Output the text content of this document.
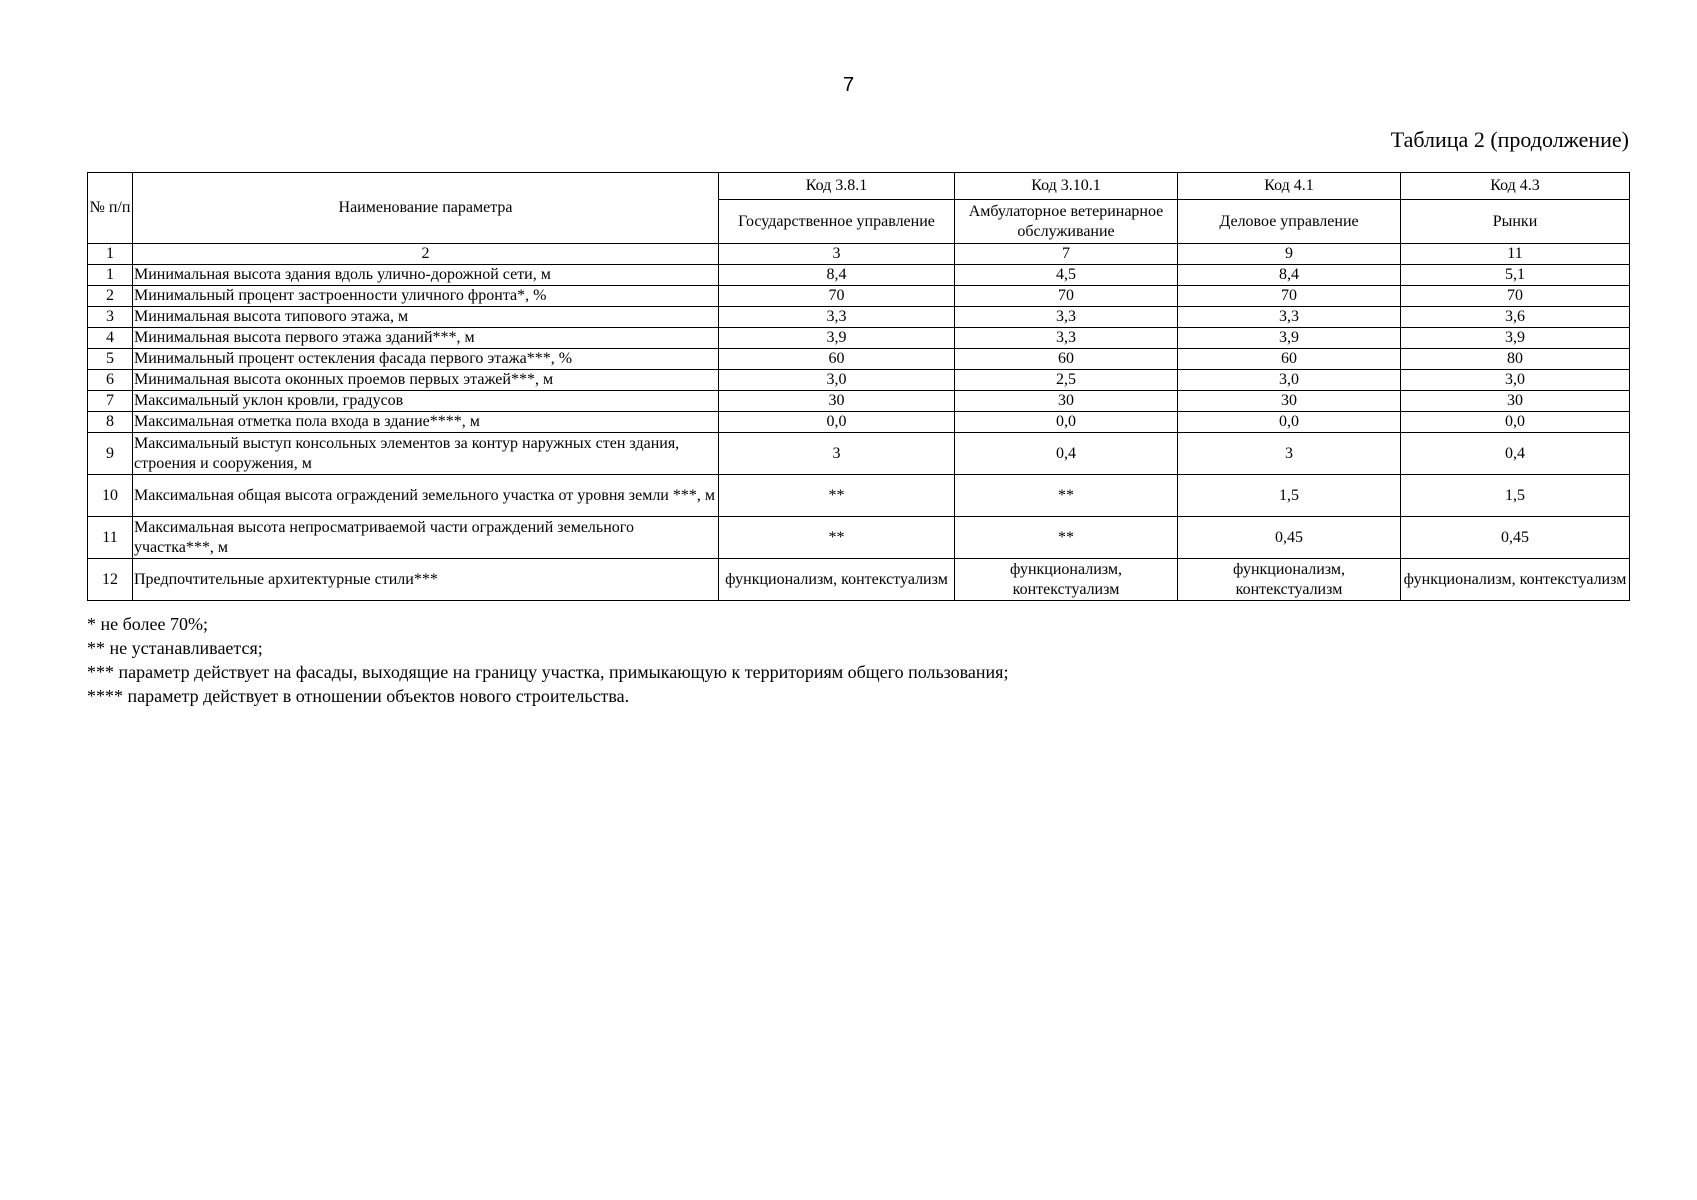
7
Таблица 2 (продолжение)
№ п/п	Наименование параметра	Код 3.8.1	Код 3.10.1	Код 4.1	Код 4.3
		Государственное управление	Амбулаторное ветеринарное обслуживание	Деловое управление	Рынки
1	2	3	7	9	11
1	Минимальная высота здания вдоль улично-дорожной сети, м	8,4	4,5	8,4	5,1
2	Минимальный процент застроенности уличного фронта*, %	70	70	70	70
3	Минимальная высота типового этажа, м	3,3	3,3	3,3	3,6
4	Минимальная высота первого этажа зданий***, м	3,9	3,3	3,9	3,9
5	Минимальный процент остекления фасада первого этажа***, %	60	60	60	80
6	Минимальная высота оконных проемов первых этажей***, м	3,0	2,5	3,0	3,0
7	Максимальный уклон кровли, градусов	30	30	30	30
8	Максимальная отметка пола входа в здание****, м	0,0	0,0	0,0	0,0
9	Максимальный выступ консольных элементов за контур наружных стен здания, строения и сооружения, м	3	0,4	3	0,4
10	Максимальная общая высота ограждений земельного участка от уровня земли ***, м	**	**	1,5	1,5
11	Максимальная высота непросматриваемой части ограждений земельного участка***, м	**	**	0,45	0,45
12	Предпочтительные архитектурные стили***	функционализм, контекстуализм	функционализм, контекстуализм	функционализм, контекстуализм	функционализм, контекстуализм
* не более 70%;
** не устанавливается;
*** параметр действует на фасады, выходящие на границу участка, примыкающую к территориям общего пользования;
**** параметр действует в отношении объектов нового строительства.
